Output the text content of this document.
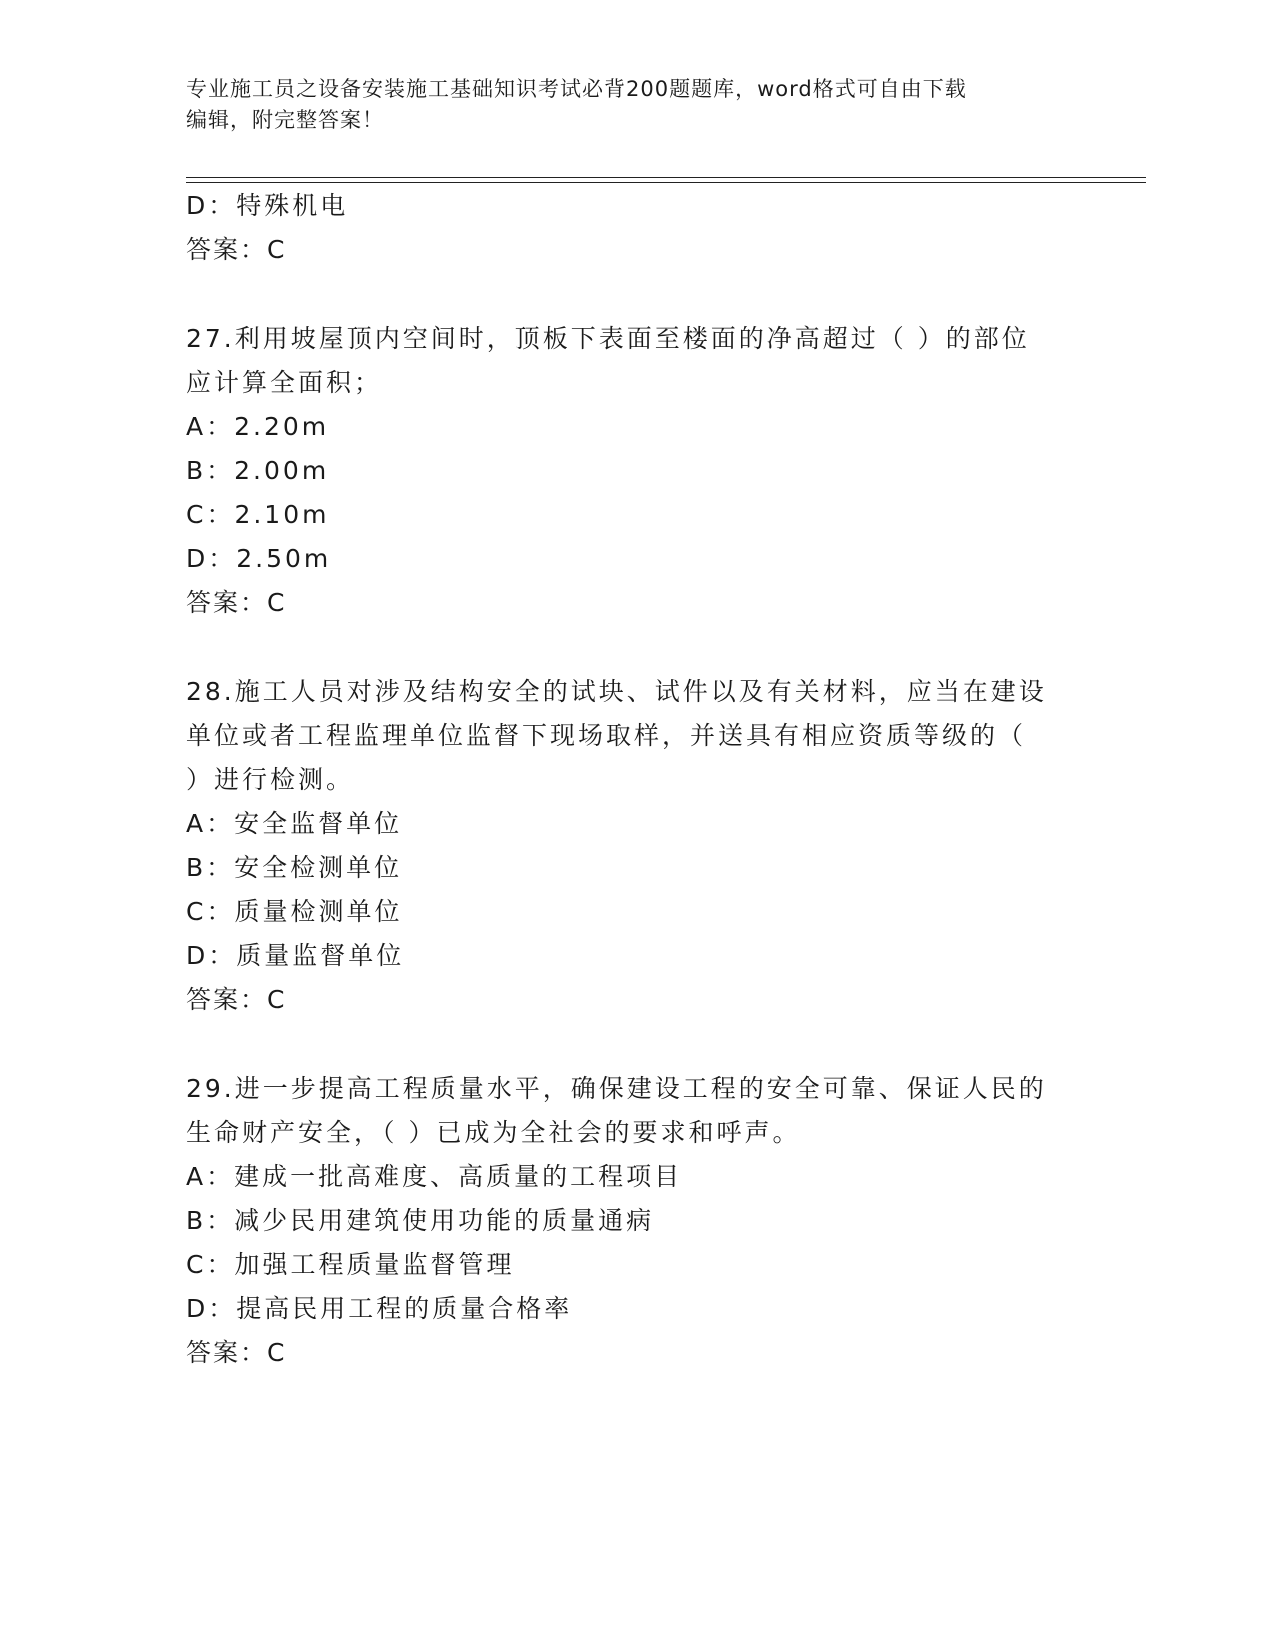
专业施工员之设备安装施工基础知识考试必背200题题库，word格式可自由下载
编辑，附完整答案！
D：特殊机电
答案：C
27.利用坡屋顶内空间时，顶板下表面至楼面的净高超过（ ）的部位
应计算全面积；
A：2.20m
B：2.00m
C：2.10m
D：2.50m
答案：C
28.施工人员对涉及结构安全的试块、试件以及有关材料，应当在建设
单位或者工程监理单位监督下现场取样，并送具有相应资质等级的（
）进行检测。
A：安全监督单位
B：安全检测单位
C：质量检测单位
D：质量监督单位
答案：C
29.进一步提高工程质量水平，确保建设工程的安全可靠、保证人民的
生命财产安全，（ ）已成为全社会的要求和呼声。
A：建成一批高难度、高质量的工程项目
B：减少民用建筑使用功能的质量通病
C：加强工程质量监督管理
D：提高民用工程的质量合格率
答案：C
